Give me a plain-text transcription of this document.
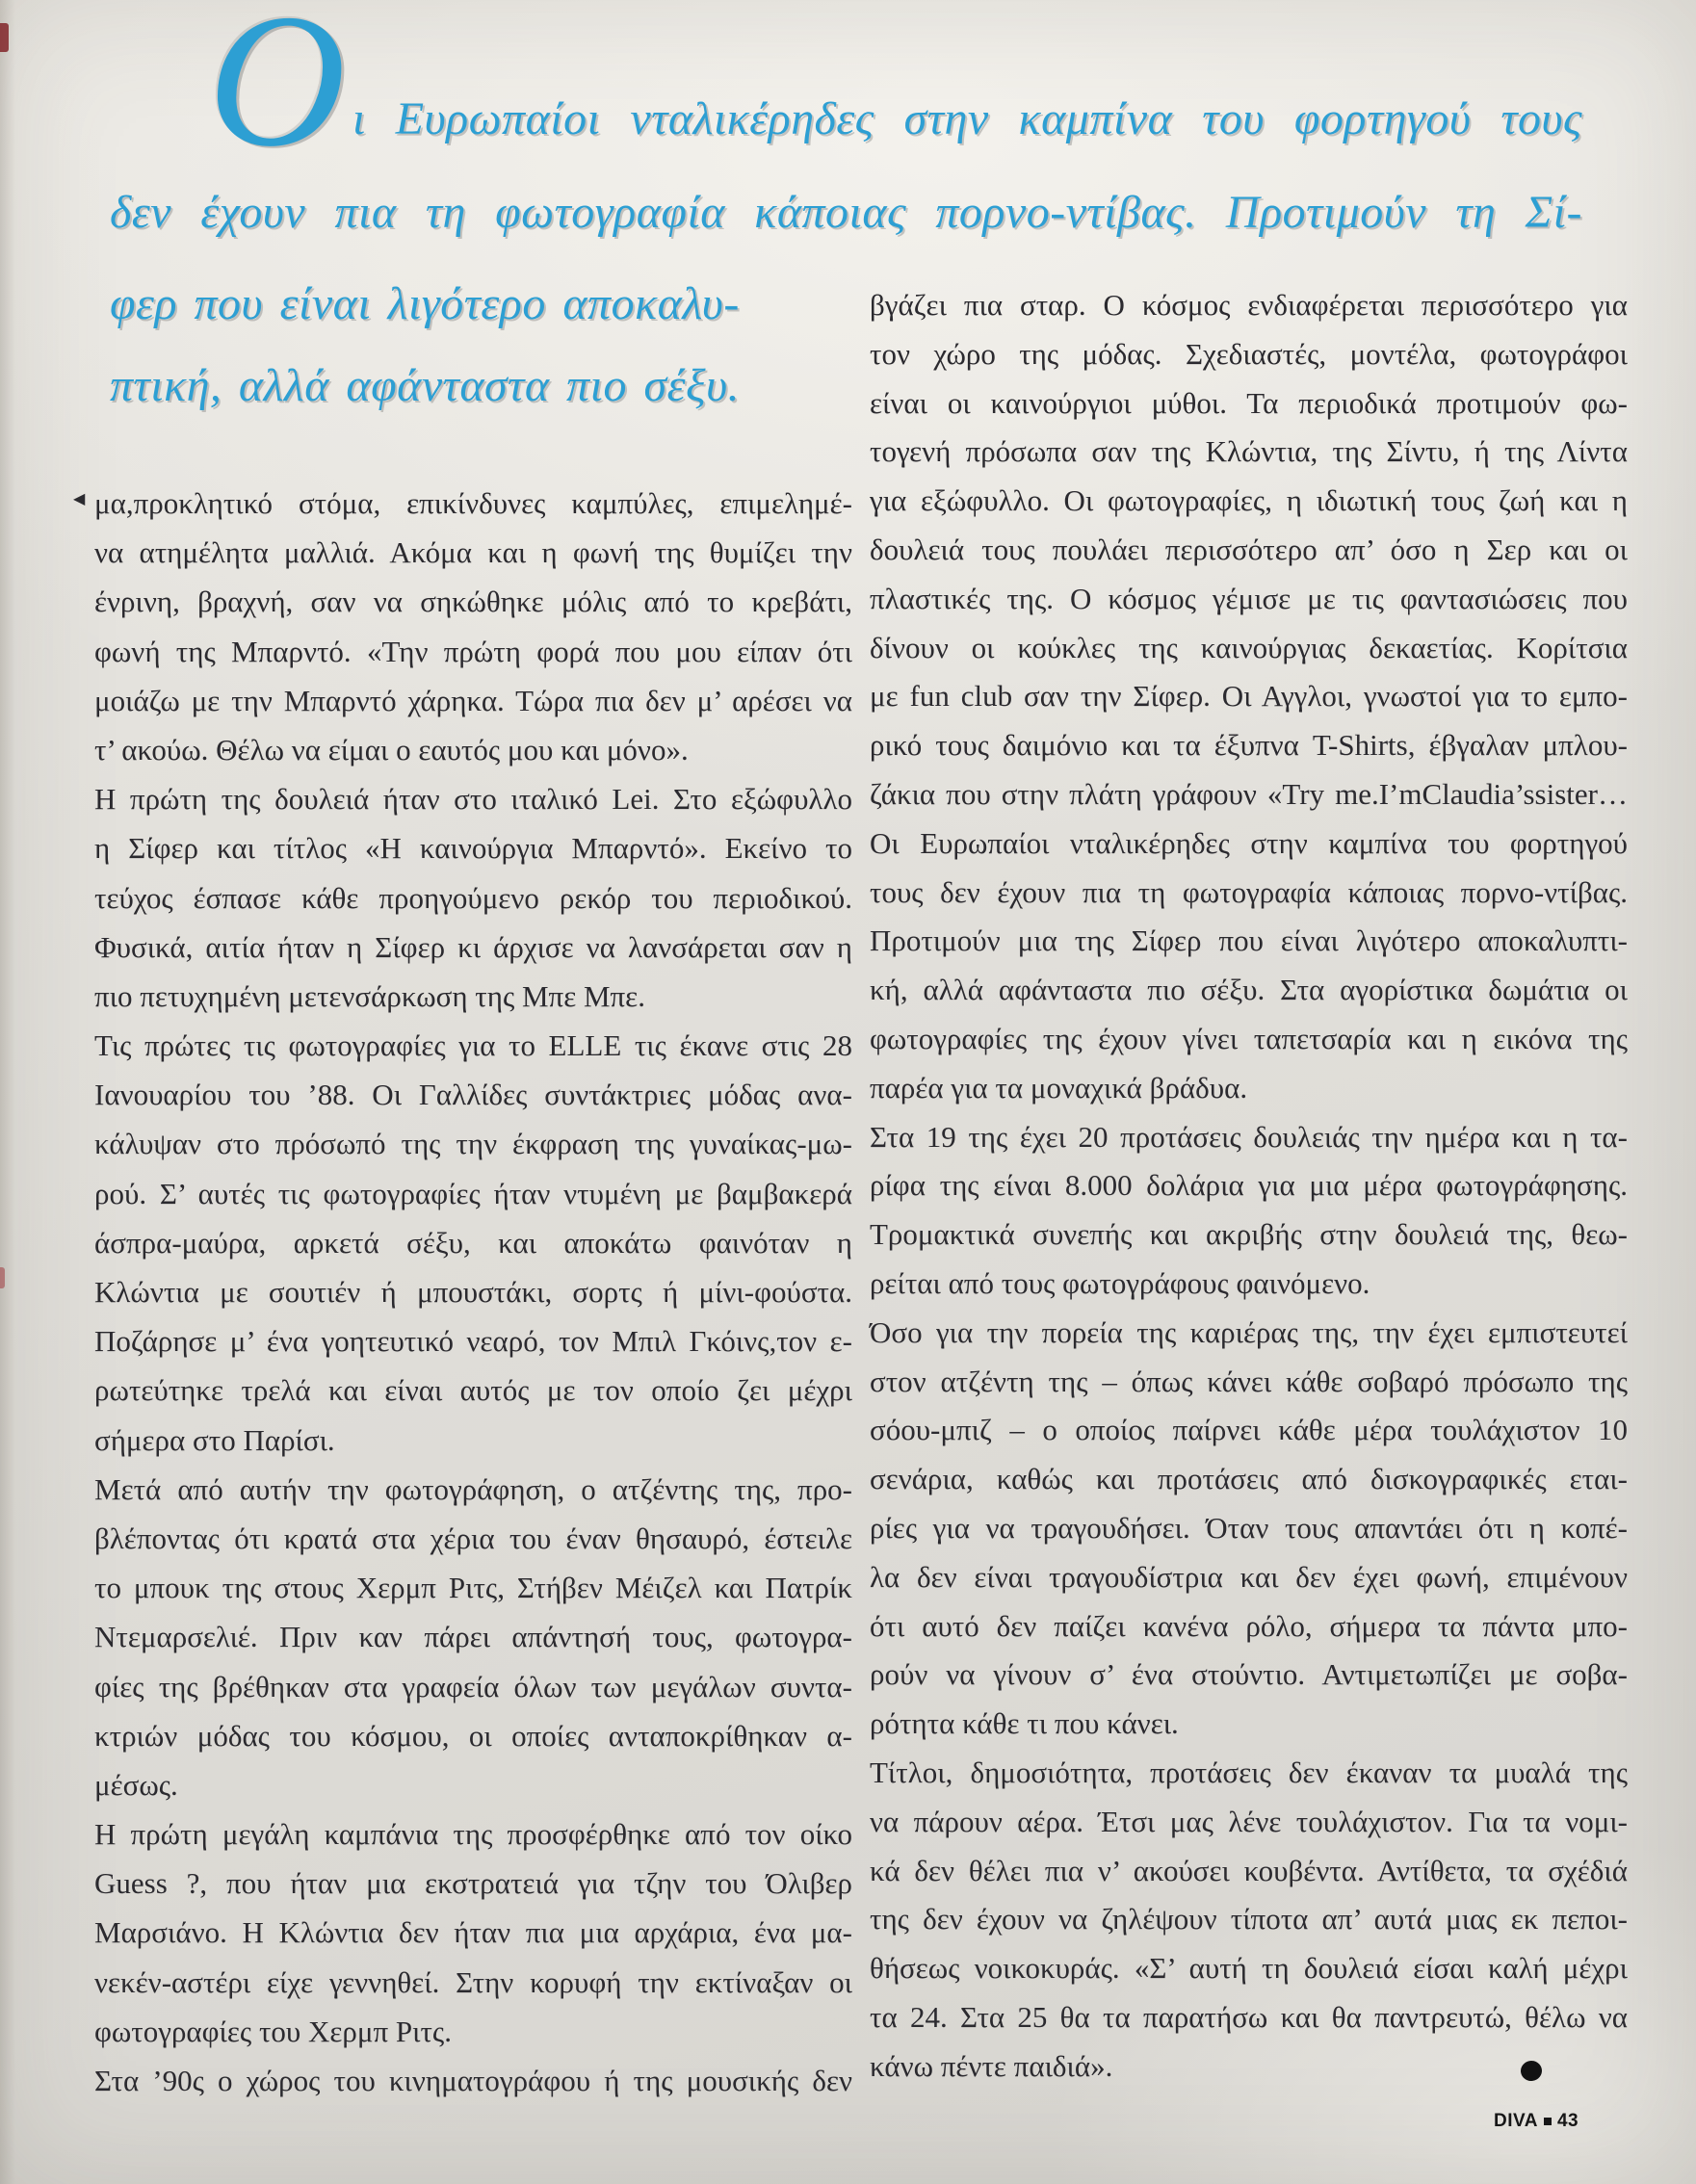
Ο ι Ευρωπαίοι νταλικέρηδες στην καμπίνα του φορτηγού τους
δεν έχουν πια τη φωτογραφία κάποιας πορνο-ντίβας. Προτιμούν τη Σί-
φερ που είναι λιγότερο αποκαλυ-
πτική, αλλά αφάνταστα πιο σέξυ.
◀ μα,προκλητικό στόμα, επικίνδυνες καμπύλες, επιμελημέ-
να ατημέλητα μαλλιά. Ακόμα και η φωνή της θυμίζει την
ένρινη, βραχνή, σαν να σηκώθηκε μόλις από το κρεβάτι,
φωνή της Μπαρντό. «Την πρώτη φορά που μου είπαν ότι
μοιάζω με την Μπαρντό χάρηκα. Τώρα πια δεν μ’ αρέσει να
τ’ ακούω. Θέλω να είμαι ο εαυτός μου και μόνο».
Η πρώτη της δουλειά ήταν στο ιταλικό Lei. Στο εξώφυλλο
η Σίφερ και τίτλος «Η καινούργια Μπαρντό». Εκείνο το
τεύχος έσπασε κάθε προηγούμενο ρεκόρ του περιοδικού.
Φυσικά, αιτία ήταν η Σίφερ κι άρχισε να λανσάρεται σαν η
πιο πετυχημένη μετενσάρκωση της Μπε Μπε.
Τις πρώτες τις φωτογραφίες για το ELLE τις έκανε στις 28
Ιανουαρίου του ’88. Οι Γαλλίδες συντάκτριες μόδας ανα-
κάλυψαν στο πρόσωπό της την έκφραση της γυναίκας-μω-
ρού. Σ’ αυτές τις φωτογραφίες ήταν ντυμένη με βαμβακερά
άσπρα-μαύρα, αρκετά σέξυ, και αποκάτω φαινόταν η
Κλώντια με σουτιέν ή μπουστάκι, σορτς ή μίνι-φούστα.
Ποζάρησε μ’ ένα γοητευτικό νεαρό, τον Μπιλ Γκόινς,τον ε-
ρωτεύτηκε τρελά και είναι αυτός με τον οποίο ζει μέχρι
σήμερα στο Παρίσι.
Μετά από αυτήν την φωτογράφηση, ο ατζέντης της, προ-
βλέποντας ότι κρατά στα χέρια του έναν θησαυρό, έστειλε
το μπουκ της στους Χερμπ Ριτς, Στήβεν Μέιζελ και Πατρίκ
Ντεμαρσελιέ. Πριν καν πάρει απάντησή τους, φωτογρα-
φίες της βρέθηκαν στα γραφεία όλων των μεγάλων συντα-
κτριών μόδας του κόσμου, οι οποίες ανταποκρίθηκαν α-
μέσως.
Η πρώτη μεγάλη καμπάνια της προσφέρθηκε από τον οίκο
Guess ?, που ήταν μια εκστρατειά για τζην του Όλιβερ
Μαρσιάνο. Η Κλώντια δεν ήταν πια μια αρχάρια, ένα μα-
νεκέν-αστέρι είχε γεννηθεί. Στην κορυφή την εκτίναξαν οι
φωτογραφίες του Χερμπ Ριτς.
Στα ’90ς ο χώρος του κινηματογράφου ή της μουσικής δεν
βγάζει πια σταρ. Ο κόσμος ενδιαφέρεται περισσότερο για
τον χώρο της μόδας. Σχεδιαστές, μοντέλα, φωτογράφοι
είναι οι καινούργιοι μύθοι. Τα περιοδικά προτιμούν φω-
τογενή πρόσωπα σαν της Κλώντια, της Σίντυ, ή της Λίντα
για εξώφυλλο. Οι φωτογραφίες, η ιδιωτική τους ζωή και η
δουλειά τους πουλάει περισσότερο απ’ όσο η Σερ και οι
πλαστικές της. Ο κόσμος γέμισε με τις φαντασιώσεις που
δίνουν οι κούκλες της καινούργιας δεκαετίας. Κορίτσια
με fun club σαν την Σίφερ. Οι Αγγλοι, γνωστοί για το εμπο-
ρικό τους δαιμόνιο και τα έξυπνα T-Shirts, έβγαλαν μπλου-
ζάκια που στην πλάτη γράφουν «Try me.I’mClaudia’ssister…
Οι Ευρωπαίοι νταλικέρηδες στην καμπίνα του φορτηγού
τους δεν έχουν πια τη φωτογραφία κάποιας πορνο-ντίβας.
Προτιμούν μια της Σίφερ που είναι λιγότερο αποκαλυπτι-
κή, αλλά αφάνταστα πιο σέξυ. Στα αγορίστικα δωμάτια οι
φωτογραφίες της έχουν γίνει ταπετσαρία και η εικόνα της
παρέα για τα μοναχικά βράδυα.
Στα 19 της έχει 20 προτάσεις δουλειάς την ημέρα και η τα-
ρίφα της είναι 8.000 δολάρια για μια μέρα φωτογράφησης.
Τρομακτικά συνεπής και ακριβής στην δουλειά της, θεω-
ρείται από τους φωτογράφους φαινόμενο.
Όσο για την πορεία της καριέρας της, την έχει εμπιστευτεί
στον ατζέντη της – όπως κάνει κάθε σοβαρό πρόσωπο της
σόου-μπιζ – ο οποίος παίρνει κάθε μέρα τουλάχιστον 10
σενάρια, καθώς και προτάσεις από δισκογραφικές εται-
ρίες για να τραγουδήσει. Όταν τους απαντάει ότι η κοπέ-
λα δεν είναι τραγουδίστρια και δεν έχει φωνή, επιμένουν
ότι αυτό δεν παίζει κανένα ρόλο, σήμερα τα πάντα μπο-
ρούν να γίνουν σ’ ένα στούντιο. Αντιμετωπίζει με σοβα-
ρότητα κάθε τι που κάνει.
Τίτλοι, δημοσιότητα, προτάσεις δεν έκαναν τα μυαλά της
να πάρουν αέρα. Έτσι μας λένε τουλάχιστον. Για τα νομι-
κά δεν θέλει πια ν’ ακούσει κουβέντα. Αντίθετα, τα σχέδιά
της δεν έχουν να ζηλέψουν τίποτα απ’ αυτά μιας εκ πεποι-
θήσεως νοικοκυράς. «Σ’ αυτή τη δουλειά είσαι καλή μέχρι
τα 24. Στα 25 θα τα παρατήσω και θα παντρευτώ, θέλω να
κάνω πέντε παιδιά».
DIVA 43
